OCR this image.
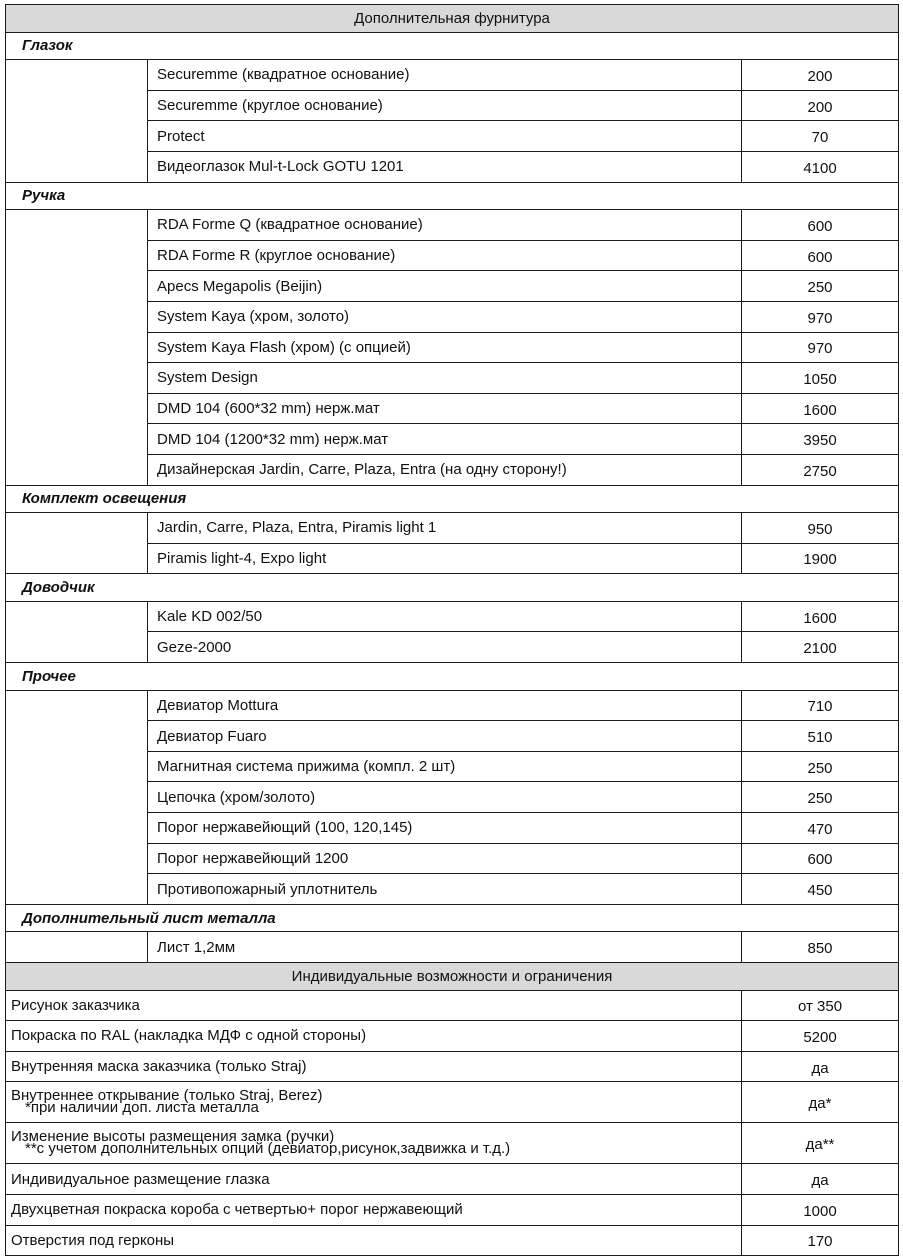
Дополнительная фурнитура		
Глазок		
	Securemme (квадратное основание)	200
	Securemme (круглое основание)	200
	Protect	70
	Видеоглазок Mul-t-Lock GOTU 1201	4100
Ручка		
	RDA Forme Q (квадратное основание)	600
	RDA Forme R (круглое основание)	600
	Apecs Megapolis (Beijin)	250
	System Kaya (хром, золото)	970
	System Kaya Flash (хром) (с опцией)	970
	System Design	1050
	DMD 104 (600*32 mm) нерж.мат	1600
	DMD 104 (1200*32 mm) нерж.мат	3950
	Дизайнерская Jardin, Carre, Plaza, Entra (на одну сторону!)	2750
Комплект освещения		
	Jardin, Carre, Plaza, Entra, Piramis light 1	950
	Piramis light-4, Expo light	1900
Доводчик		
	Kale KD 002/50	1600
	Geze-2000	2100
Прочее		
	Девиатор Mottura	710
	Девиатор Fuaro	510
	Магнитная система прижима (компл. 2 шт)	250
	Цепочка (хром/золото)	250
	Порог нержавейющий (100, 120,145)	470
	Порог нержавейющий 1200	600
	Противопожарный уплотнитель	450
Дополнительный лист металла		
	Лист 1,2мм	850
Индивидуальные возможности и ограничения		
Рисунок заказчика		от 350
Покраска по RAL (накладка МДФ с одной стороны)		5200
Внутренняя маска заказчика (только Straj)		да
Внутреннее открывание (только Straj, Berez)
*при наличии доп. листа металла		да*
Изменение высоты размещения замка (ручки)
**с учетом дополнительных опций (девиатор,рисунок,задвижка и т.д.)		да**
Индивидуальное размещение глазка		да
Двухцветная покраска короба с четвертью+ порог нержавеющий		1000
Отверстия под герконы		170
